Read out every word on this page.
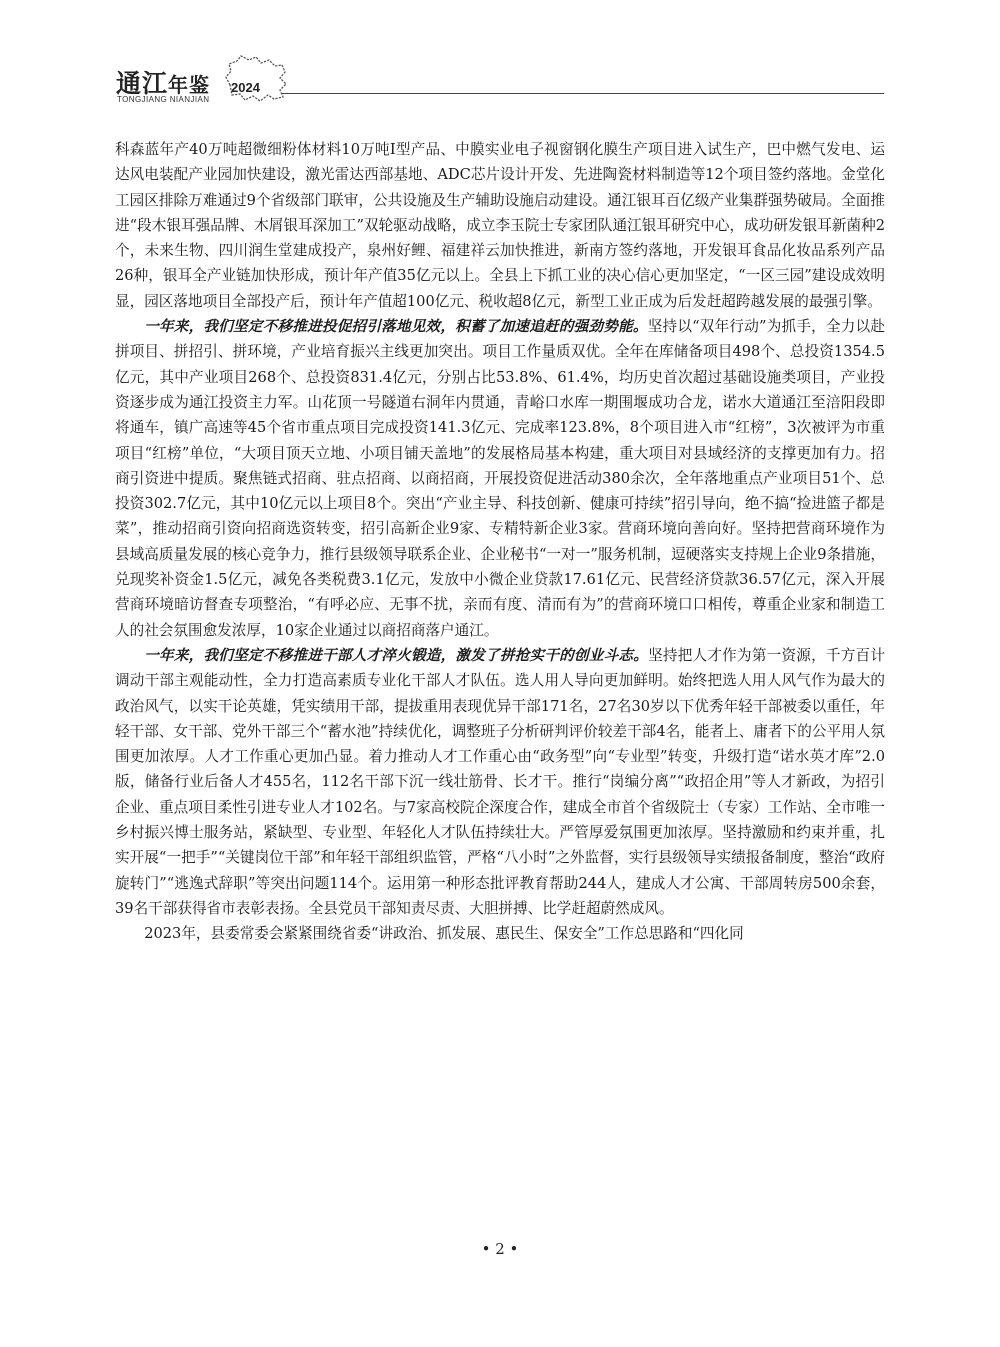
通江年鉴 2024
TONGJIANG NIANJIAN

科森蓝年产40万吨超微细粉体材料10万吨Ⅰ型产品、中膜实业电子视窗钢化膜生产项目进入试生产，巴中燃气发电、运达风电装配产业园加快建设，激光雷达西部基地、ADC芯片设计开发、先进陶瓷材料制造等12个项目签约落地。金堂化工园区排除万难通过9个省级部门联审，公共设施及生产辅助设施启动建设。通江银耳百亿级产业集群强势破局。全面推进“段木银耳强品牌、木屑银耳深加工”双轮驱动战略，成立李玉院士专家团队通江银耳研究中心，成功研发银耳新菌种2个，未来生物、四川润生堂建成投产，泉州好鲤、福建祥云加快推进，新南方签约落地，开发银耳食品化妆品系列产品26种，银耳全产业链加快形成，预计年产值35亿元以上。全县上下抓工业的决心信心更加坚定，“一区三园”建设成效明显，园区落地项目全部投产后，预计年产值超100亿元、税收超8亿元，新型工业正成为后发赶超跨越发展的最强引擎。

一年来，我们坚定不移推进投促招引落地见效，积蓄了加速追赶的强劲势能。坚持以“双年行动”为抓手，全力以赴拼项目、拼招引、拼环境，产业培育振兴主线更加突出。项目工作量质双优。全年在库储备项目498个、总投资1354.5亿元，其中产业项目268个、总投资831.4亿元，分别占比53.8%、61.4%，均历史首次超过基础设施类项目，产业投资逐步成为通江投资主力军。山花顶一号隧道右洞年内贯通，青峪口水库一期围堰成功合龙，诺水大道通江至涪阳段即将通车，镇广高速等45个省市重点项目完成投资141.3亿元、完成率123.8%，8个项目进入市“红榜”，3次被评为市重项目“红榜”单位，“大项目顶天立地、小项目铺天盖地”的发展格局基本构建，重大项目对县域经济的支撑更加有力。招商引资进中提质。聚焦链式招商、驻点招商、以商招商，开展投资促进活动380余次，全年落地重点产业项目51个、总投资302.7亿元，其中10亿元以上项目8个。突出“产业主导、科技创新、健康可持续”招引导向，绝不搞“捡进篮子都是菜”，推动招商引资向招商选资转变，招引高新企业9家、专精特新企业3家。营商环境向善向好。坚持把营商环境作为县域高质量发展的核心竞争力，推行县级领导联系企业、企业秘书“一对一”服务机制，逗硬落实支持规上企业9条措施，兑现奖补资金1.5亿元，减免各类税费3.1亿元，发放中小微企业贷款17.61亿元、民营经济贷款36.57亿元，深入开展营商环境暗访督查专项整治，“有呼必应、无事不扰，亲而有度、清而有为”的营商环境口口相传，尊重企业家和制造工人的社会氛围愈发浓厚，10家企业通过以商招商落户通江。

一年来，我们坚定不移推进干部人才淬火锻造，激发了拼抢实干的创业斗志。坚持把人才作为第一资源，千方百计调动干部主观能动性，全力打造高素质专业化干部人才队伍。选人用人导向更加鲜明。始终把选人用人风气作为最大的政治风气，以实干论英雄，凭实绩用干部，提拔重用表现优异干部171名，27名30岁以下优秀年轻干部被委以重任，年轻干部、女干部、党外干部三个“蓄水池”持续优化，调整班子分析研判评价较差干部4名，能者上、庸者下的公平用人氛围更加浓厚。人才工作重心更加凸显。着力推动人才工作重心由“政务型”向“专业型”转变，升级打造“诺水英才库”2.0版，储备行业后备人才455名，112名干部下沉一线壮筋骨、长才干。推行“岗编分离”“政招企用”等人才新政，为招引企业、重点项目柔性引进专业人才102名。与7家高校院企深度合作，建成全市首个省级院士（专家）工作站、全市唯一乡村振兴博士服务站，紧缺型、专业型、年轻化人才队伍持续壮大。严管厚爱氛围更加浓厚。坚持激励和约束并重，扎实开展“一把手”“关键岗位干部”和年轻干部组织监管，严格“八小时”之外监督，实行县级领导实绩报备制度，整治“政府旋转门”“逃逸式辞职”等突出问题114个。运用第一种形态批评教育帮助244人，建成人才公寓、干部周转房500余套，39名干部获得省市表彰表扬。全县党员干部知责尽责、大胆拼搏、比学赶超蔚然成风。

2023年，县委常委会紧紧围绕省委“讲政治、抓发展、惠民生、保安全”工作总思路和“四化同

• 2 •
